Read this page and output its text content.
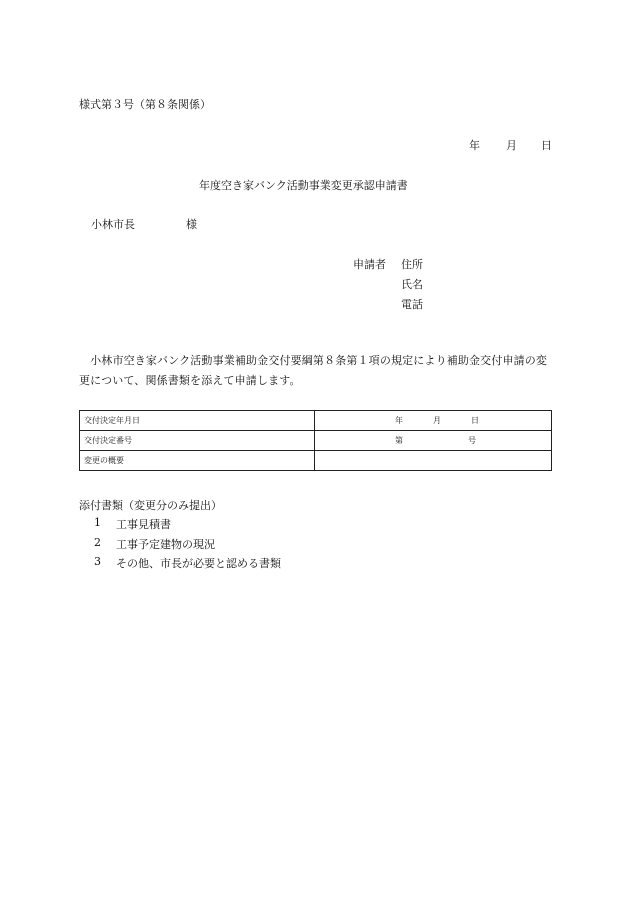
様式第３号（第８条関係）
年 月 日
年度空き家バンク活動事業変更承認申請書
小林市長	様
申請者 住所
氏名
電話
　小林市空き家バンク活動事業補助金交付要綱第８条第１項の規定により補助金交付申請の変更について、関係書類を添えて申請します。
交付決定年月日	年 月 日

交付決定番号	第 号

変更の概要	
添付書類（変更分のみ提出）
1 工事見積書
2 工事予定建物の現況
3 その他、市長が必要と認める書類
